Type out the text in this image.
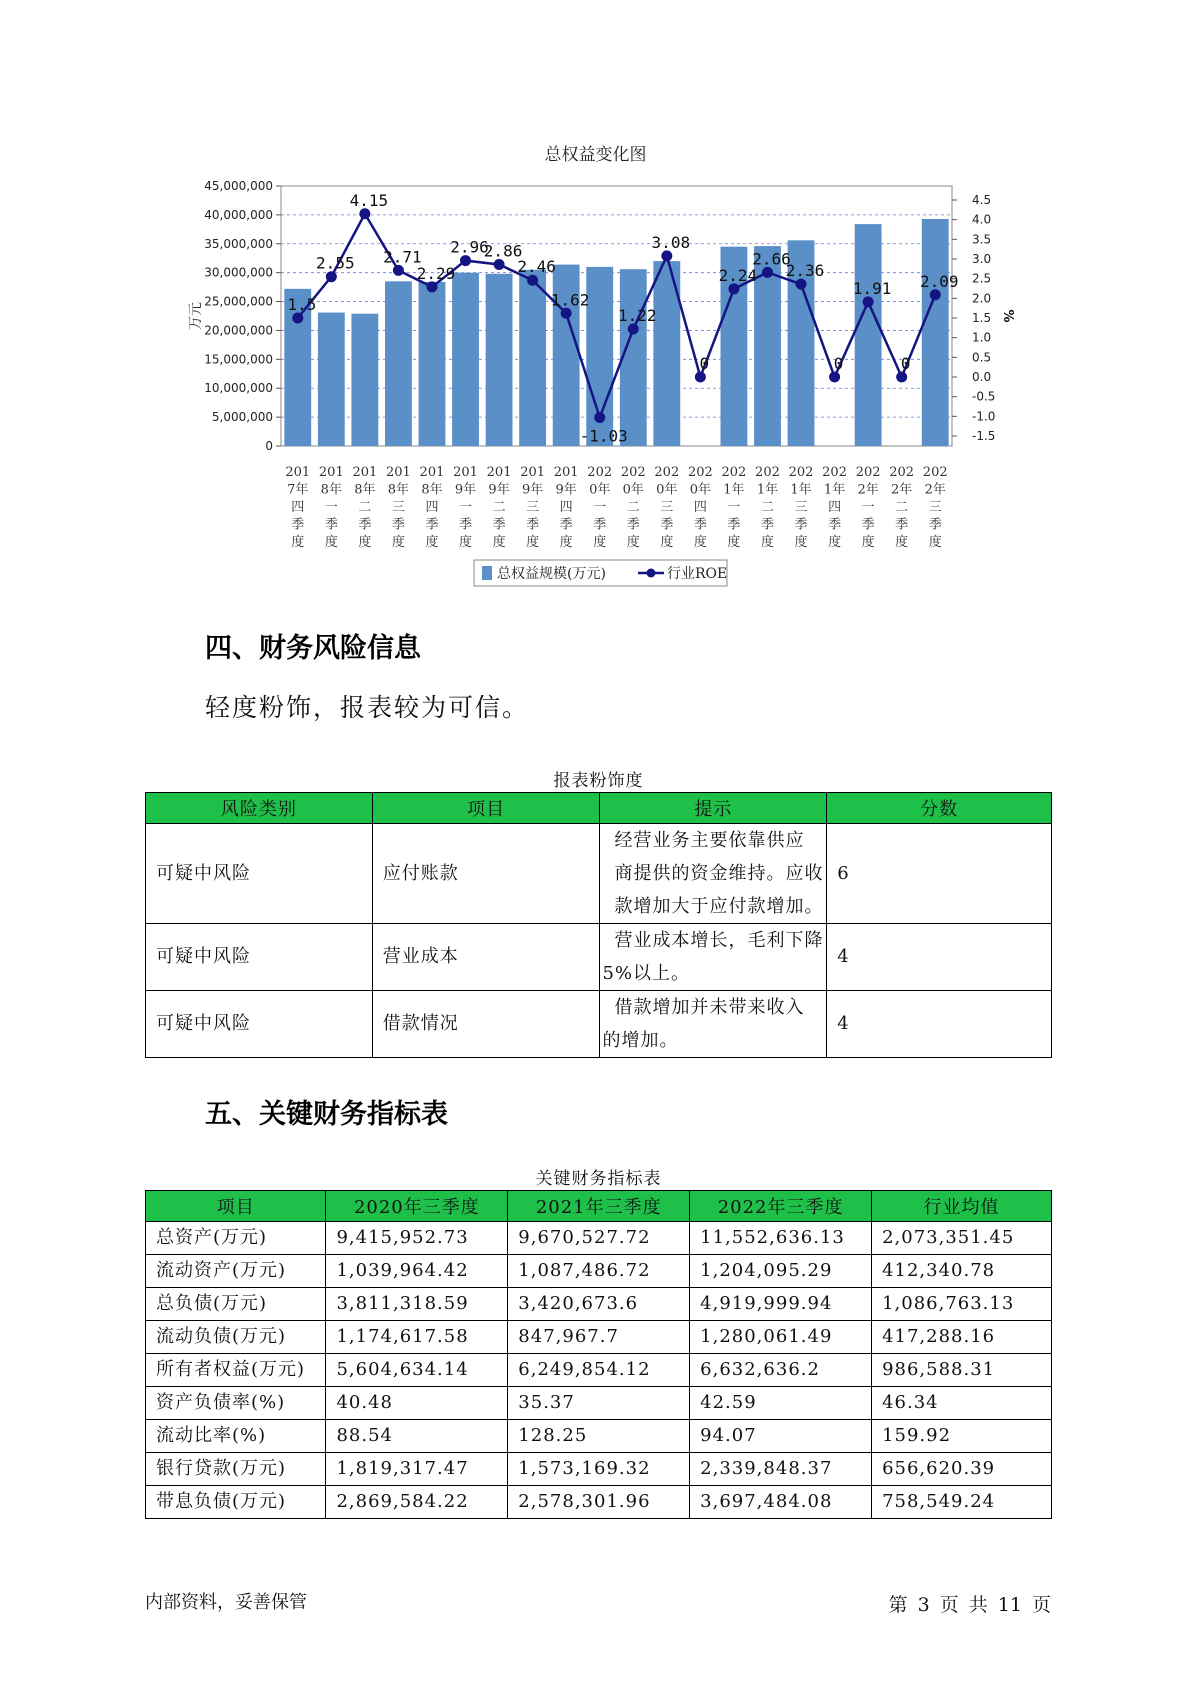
总权益变化图
45,000,000
40,000,000
35,000,000
30,000,000
25,000,000
20,000,000
15,000,000
10,000,000
5,000,000
0
4.5
4.0
3.5
3.0
2.5
2.0
1.5
1.0
0.5
0.0
-0.5
-1.0
-1.5
万元	%
1.5
2.55
4.15
2.71
2.29
2.96
2.86
2.46
1.62
-1.03
1.22
3.08
0
2.24
2.66
2.36
0
1.91
0
2.09
201 7年四季度
201 8年一季度
201 8年二季度
201 8年三季度
201 8年四季度
201 9年一季度
201 9年二季度
201 9年三季度
201 9年四季度
202 0年一季度
202 0年二季度
202 0年三季度
202 0年四季度
202 1年一季度
202 1年二季度
202 1年三季度
202 1年四季度
202 2年一季度
202 2年二季度
202 2年三季度
总权益规模(万元)	行业ROE
四、财务风险信息
轻度粉饰，报表较为可信。
报表粉饰度
风险类别	项目	提示	分数
可疑中风险	应付账款	经营业务主要依靠供应
商提供的资金维持。应收
款增加大于应付款增加。	6
可疑中风险	营业成本	营业成本增长，毛利下降
5%以上。	4
可疑中风险	借款情况	借款增加并未带来收入
的增加。	4
五、关键财务指标表
关键财务指标表
项目	2020年三季度	2021年三季度	2022年三季度	行业均值
总资产(万元)	9,415,952.73	9,670,527.72	11,552,636.13	2,073,351.45
流动资产(万元)	1,039,964.42	1,087,486.72	1,204,095.29	412,340.78
总负债(万元)	3,811,318.59	3,420,673.6	4,919,999.94	1,086,763.13
流动负债(万元)	1,174,617.58	847,967.7	1,280,061.49	417,288.16
所有者权益(万元)	5,604,634.14	6,249,854.12	6,632,636.2	986,588.31
资产负债率(%)	40.48	35.37	42.59	46.34
流动比率(%)	88.54	128.25	94.07	159.92
银行贷款(万元)	1,819,317.47	1,573,169.32	2,339,848.37	656,620.39
带息负债(万元)	2,869,584.22	2,578,301.96	3,697,484.08	758,549.24
内部资料，妥善保管	第 3 页 共 11 页
